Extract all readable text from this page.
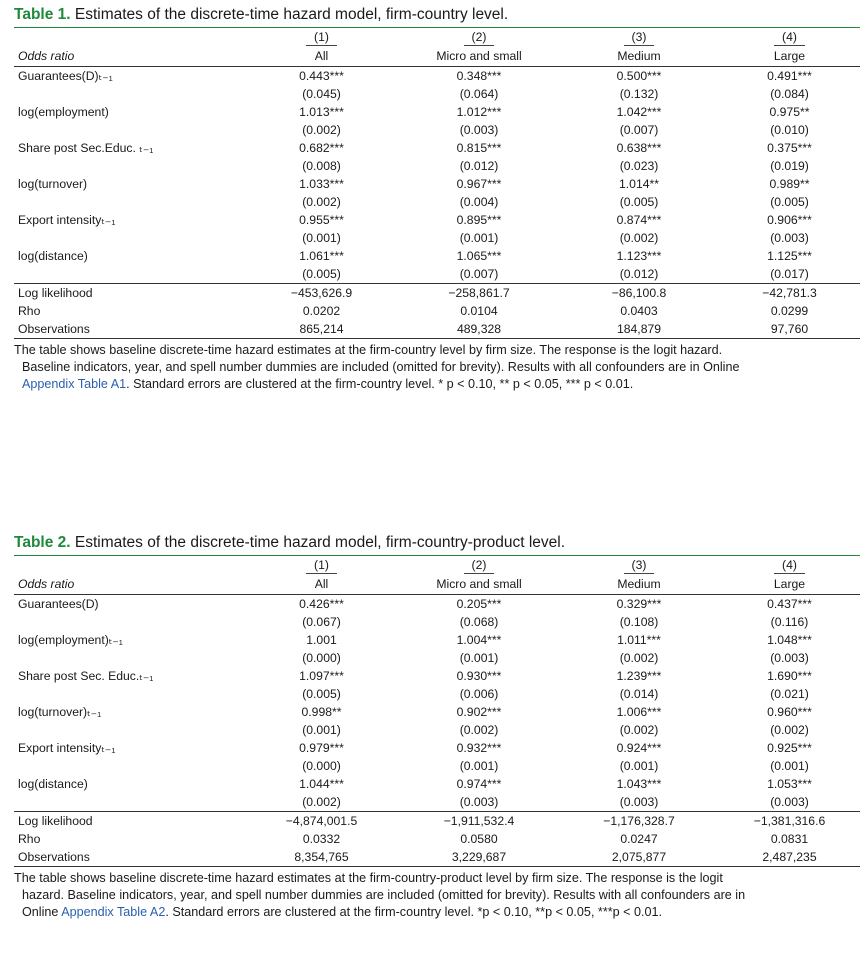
Table 1. Estimates of the discrete-time hazard model, firm-country level.
	(1)	(2)	(3)	(4)
Odds ratio	All	Micro and small	Medium	Large
Guarantees(D)ₜ₋₁	0.443***	0.348***	0.500***	0.491***
	(0.045)	(0.064)	(0.132)	(0.084)
log(employment)	1.013***	1.012***	1.042***	0.975**
	(0.002)	(0.003)	(0.007)	(0.010)
Share post Sec.Educ. ₜ₋₁	0.682***	0.815***	0.638***	0.375***
	(0.008)	(0.012)	(0.023)	(0.019)
log(turnover)	1.033***	0.967***	1.014**	0.989**
	(0.002)	(0.004)	(0.005)	(0.005)
Export intensityₜ₋₁	0.955***	0.895***	0.874***	0.906***
	(0.001)	(0.001)	(0.002)	(0.003)
log(distance)	1.061***	1.065***	1.123***	1.125***
	(0.005)	(0.007)	(0.012)	(0.017)
Log likelihood	−453,626.9	−258,861.7	−86,100.8	−42,781.3
Rho	0.0202	0.0104	0.0403	0.0299
Observations	865,214	489,328	184,879	97,760
The table shows baseline discrete-time hazard estimates at the firm-country level by firm size. The response is the logit hazard.
Baseline indicators, year, and spell number dummies are included (omitted for brevity). Results with all confounders are in Online
Appendix Table A1. Standard errors are clustered at the firm-country level. * p < 0.10, ** p < 0.05, *** p < 0.01.
Table 2. Estimates of the discrete-time hazard model, firm-country-product level.
	(1)	(2)	(3)	(4)
Odds ratio	All	Micro and small	Medium	Large
Guarantees(D)	0.426***	0.205***	0.329***	0.437***
	(0.067)	(0.068)	(0.108)	(0.116)
log(employment)ₜ₋₁	1.001	1.004***	1.011***	1.048***
	(0.000)	(0.001)	(0.002)	(0.003)
Share post Sec. Educ.ₜ₋₁	1.097***	0.930***	1.239***	1.690***
	(0.005)	(0.006)	(0.014)	(0.021)
log(turnover)ₜ₋₁	0.998**	0.902***	1.006***	0.960***
	(0.001)	(0.002)	(0.002)	(0.002)
Export intensityₜ₋₁	0.979***	0.932***	0.924***	0.925***
	(0.000)	(0.001)	(0.001)	(0.001)
log(distance)	1.044***	0.974***	1.043***	1.053***
	(0.002)	(0.003)	(0.003)	(0.003)
Log likelihood	−4,874,001.5	−1,911,532.4	−1,176,328.7	−1,381,316.6
Rho	0.0332	0.0580	0.0247	0.0831
Observations	8,354,765	3,229,687	2,075,877	2,487,235
The table shows baseline discrete-time hazard estimates at the firm-country-product level by firm size. The response is the logit
hazard. Baseline indicators, year, and spell number dummies are included (omitted for brevity). Results with all confounders are in
Online Appendix Table A2. Standard errors are clustered at the firm-country level. *p < 0.10, **p < 0.05, ***p < 0.01.
